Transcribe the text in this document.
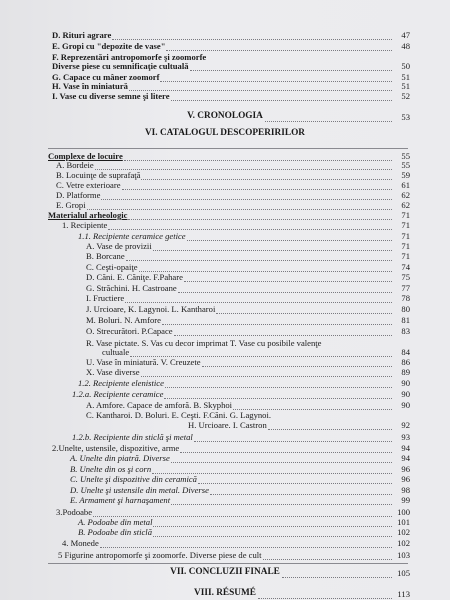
D. Rituri agrare	47
E. Gropi cu "depozite de vase"	48
F. Reprezentări antropomorfe şi zoomorfe
Diverse piese cu semnificaţie cultuală	50
G. Capace cu mâner zoomorf	51
H. Vase în miniatură	51
I. Vase cu diverse semne şi litere	52
V. CRONOLOGIA	53
VI. CATALOGUL DESCOPERIRILOR
Complexe de locuire	55
A. Bordeie	55
B. Locuinţe de suprafaţă	59
C. Vetre exterioare	61
D. Platforme	62
E. Gropi	62
Materialul arheologic	71
1. Recipiente	71
1.1. Recipiente ceramice getice	71
A. Vase de provizii	71
B. Borcane	71
C. Ceşti-opaiţe	74
D. Căni. E. Căniţe. F.Pahare	75
G. Străchini. H. Castroane	77
I. Fructiere	78
J. Urcioare, K. Lagynoi. L. Kantharoi	80
M. Boluri. N. Amfore	81
O. Strecurători. P.Capace	83
R. Vase pictate. S. Vas cu decor imprimat T. Vase cu posibile valenţe
cultuale	84
U. Vase în miniatură. V. Creuzete	86
X. Vase diverse	89
1.2. Recipiente elenistice	90
1.2.a. Recipiente ceramice	90
A. Amfore. Capace de amforă. B. Skyphoi	90
C. Kantharoi. D. Boluri. E. Ceşti. F.Căni. G. Lagynoi.
H. Urcioare. I. Castron	92
1.2.b. Recipiente din sticlă şi metal	93
2.Unelte, ustensile, dispozitive, arme	94
A. Unelte din piatră. Diverse	94
B. Unelte din os şi corn	96
C. Unelte şi dispozitive din ceramică	96
D. Unelte şi ustensile din metal. Diverse	98
E. Armament şi harnaşament	99
3.Podoabe	100
A. Podoabe din metal	101
B. Podoabe din sticlă	102
4. Monede	102
5 Figurine antropomorfe şi zoomorfe. Diverse piese de cult	103
VII. CONCLUZII FINALE	105
VIII. RÉSUMÉ	113
